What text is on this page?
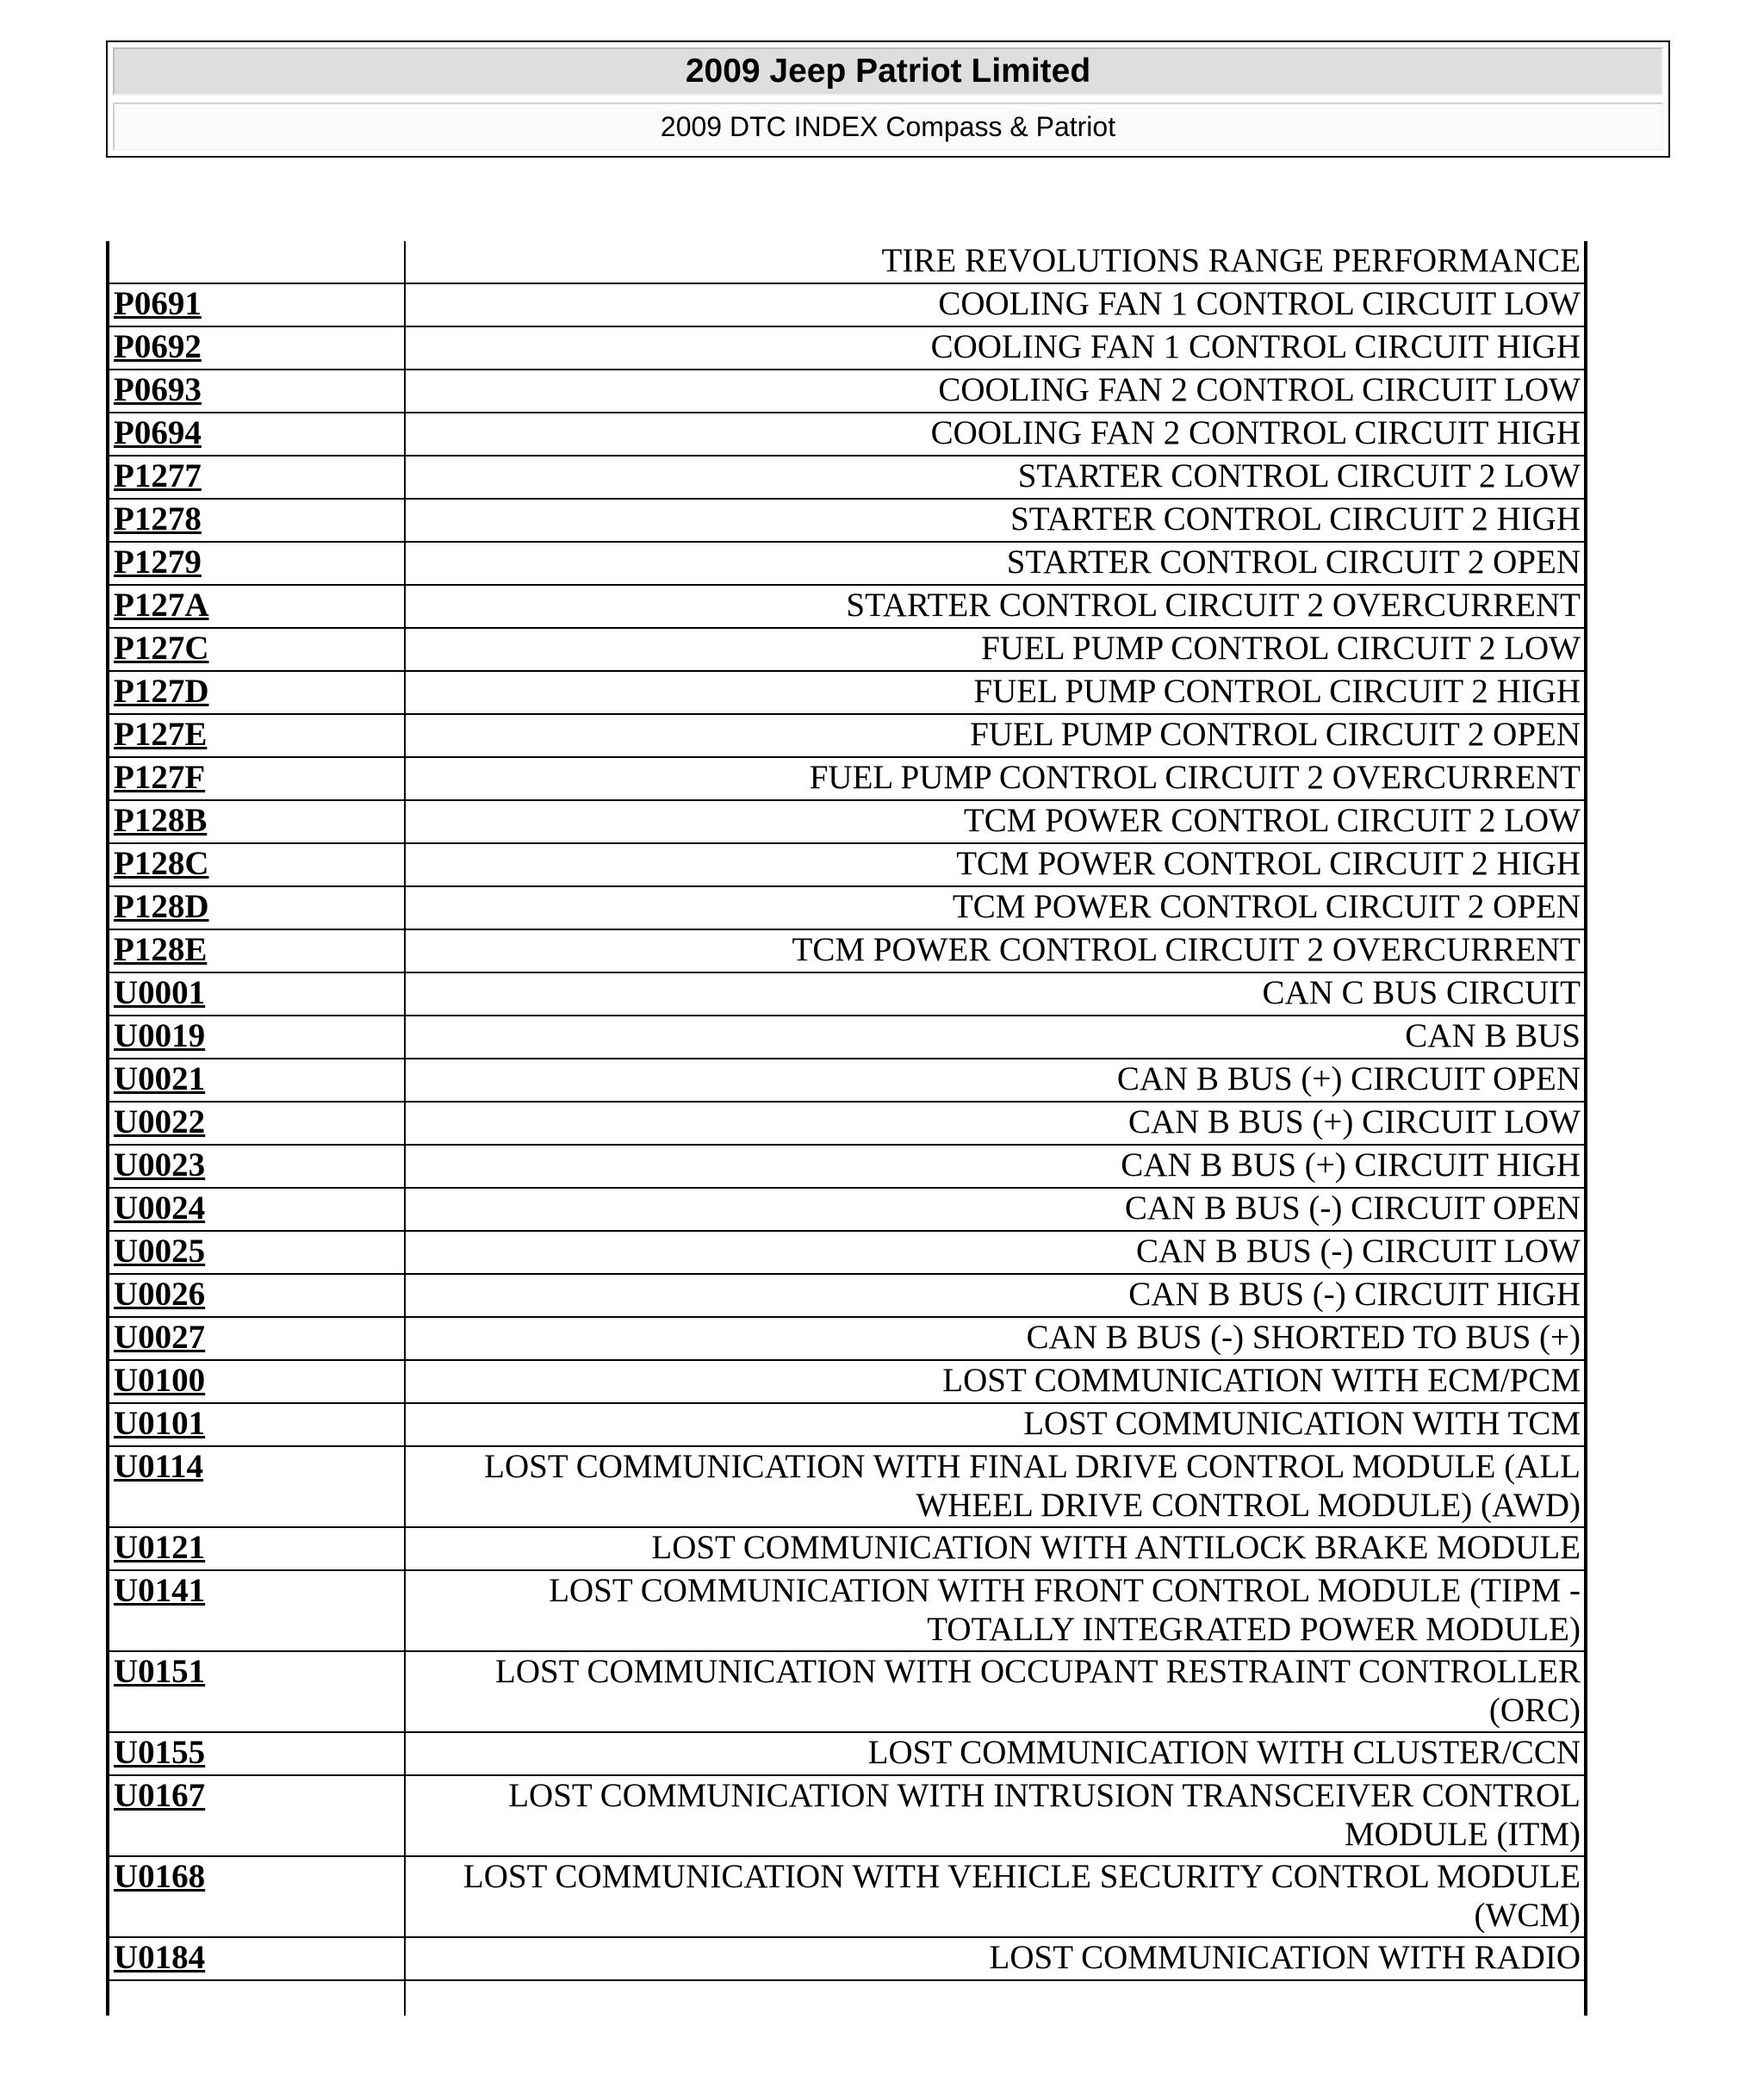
2009 Jeep Patriot Limited
2009 DTC INDEX Compass & Patriot
	TIRE REVOLUTIONS RANGE PERFORMANCE
P0691	COOLING FAN 1 CONTROL CIRCUIT LOW
P0692	COOLING FAN 1 CONTROL CIRCUIT HIGH
P0693	COOLING FAN 2 CONTROL CIRCUIT LOW
P0694	COOLING FAN 2 CONTROL CIRCUIT HIGH
P1277	STARTER CONTROL CIRCUIT 2 LOW
P1278	STARTER CONTROL CIRCUIT 2 HIGH
P1279	STARTER CONTROL CIRCUIT 2 OPEN
P127A	STARTER CONTROL CIRCUIT 2 OVERCURRENT
P127C	FUEL PUMP CONTROL CIRCUIT 2 LOW
P127D	FUEL PUMP CONTROL CIRCUIT 2 HIGH
P127E	FUEL PUMP CONTROL CIRCUIT 2 OPEN
P127F	FUEL PUMP CONTROL CIRCUIT 2 OVERCURRENT
P128B	TCM POWER CONTROL CIRCUIT 2 LOW
P128C	TCM POWER CONTROL CIRCUIT 2 HIGH
P128D	TCM POWER CONTROL CIRCUIT 2 OPEN
P128E	TCM POWER CONTROL CIRCUIT 2 OVERCURRENT
U0001	CAN C BUS CIRCUIT
U0019	CAN B BUS
U0021	CAN B BUS (+) CIRCUIT OPEN
U0022	CAN B BUS (+) CIRCUIT LOW
U0023	CAN B BUS (+) CIRCUIT HIGH
U0024	CAN B BUS (-) CIRCUIT OPEN
U0025	CAN B BUS (-) CIRCUIT LOW
U0026	CAN B BUS (-) CIRCUIT HIGH
U0027	CAN B BUS (-) SHORTED TO BUS (+)
U0100	LOST COMMUNICATION WITH ECM/PCM
U0101	LOST COMMUNICATION WITH TCM
U0114	LOST COMMUNICATION WITH FINAL DRIVE CONTROL MODULE (ALL WHEEL DRIVE CONTROL MODULE) (AWD)
U0121	LOST COMMUNICATION WITH ANTILOCK BRAKE MODULE
U0141	LOST COMMUNICATION WITH FRONT CONTROL MODULE (TIPM - TOTALLY INTEGRATED POWER MODULE)
U0151	LOST COMMUNICATION WITH OCCUPANT RESTRAINT CONTROLLER (ORC)
U0155	LOST COMMUNICATION WITH CLUSTER/CCN
U0167	LOST COMMUNICATION WITH INTRUSION TRANSCEIVER CONTROL MODULE (ITM)
U0168	LOST COMMUNICATION WITH VEHICLE SECURITY CONTROL MODULE (WCM)
U0184	LOST COMMUNICATION WITH RADIO
